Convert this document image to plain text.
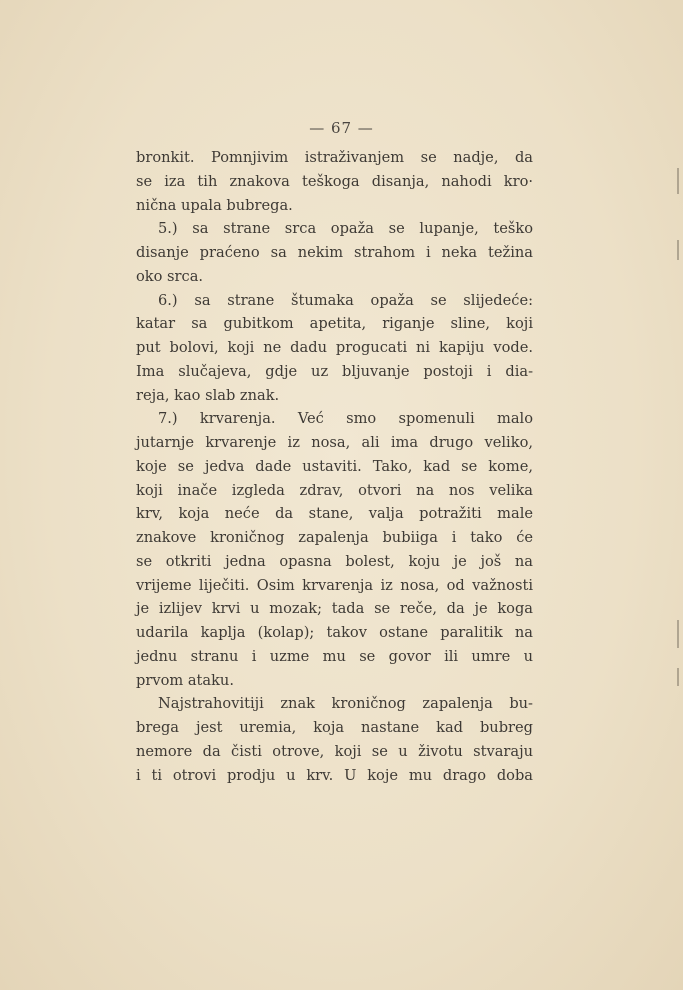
— 67 —
bronkit. Pomnjivim istraživanjem se nadje, da
se iza tih znakova teškoga disanja, nahodi kro·
nična upala bubrega.
5.) sa strane srca opaža se lupanje, teško
disanje praćeno sa nekim strahom i neka težina
oko srca.
6.) sa strane štumaka opaža se slijedeće:
katar sa gubitkom apetita, riganje sline, koji
put bolovi, koji ne dadu progucati ni kapiju vode.
Ima slučajeva, gdje uz bljuvanje postoji i dia-
reja, kao slab znak.
7.) krvarenja. Već smo spomenuli malo
jutarnje krvarenje iz nosa, ali ima drugo veliko,
koje se jedva dade ustaviti. Tako, kad se kome,
koji inače izgleda zdrav, otvori na nos velika
krv, koja neće da stane, valja potražiti male
znakove kroničnog zapalenja bubiiga i tako će
se otkriti jedna opasna bolest, koju je još na
vrijeme liječiti. Osim krvarenja iz nosa, od važnosti
je izlijev krvi u mozak; tada se reče, da je koga
udarila kaplja (kolap); takov ostane paralitik na
jednu stranu i uzme mu se govor ili umre u
prvom ataku.
Najstrahovitiji znak kroničnog zapalenja bu-
brega jest uremia, koja nastane kad bubreg
nemore da čisti otrove, koji se u životu stvaraju
i ti otrovi prodju u krv. U koje mu drago doba
